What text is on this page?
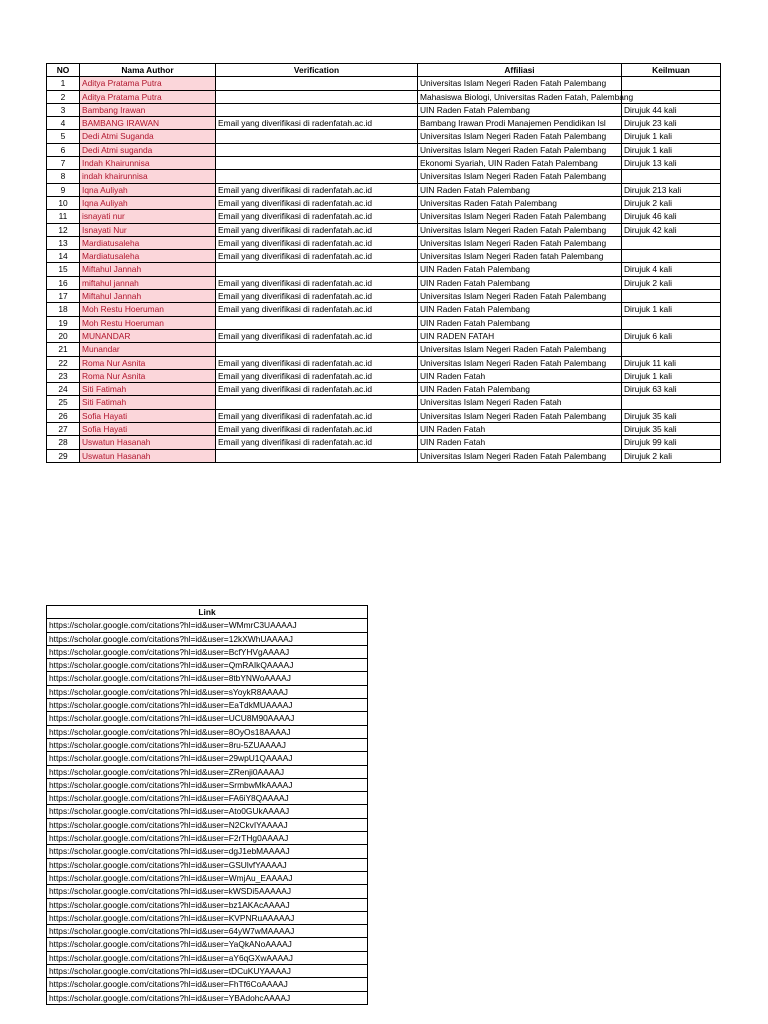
NO	Nama Author	Verification	Affiliasi	Keilmuan
1	Aditya Pratama Putra		Universitas Islam Negeri Raden Fatah Palembang	
2	Aditya Pratama Putra		Mahasiswa Biologi, Universitas Raden Fatah, Palembang	
3	Bambang Irawan		UIN Raden Fatah Palembang	Dirujuk 44 kali
4	BAMBANG IRAWAN	Email yang diverifikasi di radenfatah.ac.id	Bambang Irawan Prodi Manajemen Pendidikan Isl	Dirujuk 23 kali
5	Dedi Atmi Suganda		Universitas Islam Negeri Raden Fatah Palembang	Dirujuk 1 kali
6	Dedi Atmi suganda		Universitas Islam Negeri Raden Fatah Palembang	Dirujuk 1 kali
7	Indah Khairunnisa		Ekonomi Syariah, UIN Raden Fatah Palembang	Dirujuk 13 kali
8	indah khairunnisa		Universitas Islam Negeri Raden Fatah Palembang	
9	Iqna Auliyah	Email yang diverifikasi di radenfatah.ac.id	UIN Raden Fatah Palembang	Dirujuk 213 kali
10	Iqna Auliyah	Email yang diverifikasi di radenfatah.ac.id	Universitas Raden Fatah Palembang	Dirujuk 2 kali
11	isnayati nur	Email yang diverifikasi di radenfatah.ac.id	Universitas Islam Negeri Raden Fatah Palembang	Dirujuk 46 kali
12	Isnayati Nur	Email yang diverifikasi di radenfatah.ac.id	Universitas Islam Negeri Raden Fatah Palembang	Dirujuk 42 kali
13	Mardiatusaleha	Email yang diverifikasi di radenfatah.ac.id	Universitas Islam Negeri Raden Fatah Palembang	
14	Mardiatusaleha	Email yang diverifikasi di radenfatah.ac.id	Universitas Islam Negeri Raden fatah Palembang	
15	Miftahul Jannah		UIN Raden Fatah Palembang	Dirujuk 4 kali
16	miftahul jannah	Email yang diverifikasi di radenfatah.ac.id	UIN Raden Fatah Palembang	Dirujuk 2 kali
17	Miftahul Jannah	Email yang diverifikasi di radenfatah.ac.id	Universitas Islam Negeri Raden Fatah Palembang	
18	Moh Restu Hoeruman	Email yang diverifikasi di radenfatah.ac.id	UIN Raden Fatah Palembang	Dirujuk 1 kali
19	Moh Restu Hoeruman		UIN Raden Fatah Palembang	
20	MUNANDAR	Email yang diverifikasi di radenfatah.ac.id	UIN RADEN FATAH	Dirujuk 6 kali
21	Munandar		Universitas Islam Negeri Raden Fatah Palembang	
22	Roma Nur Asnita	Email yang diverifikasi di radenfatah.ac.id	Universitas Islam Negeri Raden Fatah Palembang	Dirujuk 11 kali
23	Roma Nur Asnita	Email yang diverifikasi di radenfatah.ac.id	UIN Raden Fatah	Dirujuk 1 kali
24	Siti Fatimah	Email yang diverifikasi di radenfatah.ac.id	UIN Raden Fatah Palembang	Dirujuk 63 kali
25	Siti Fatimah		Universitas Islam Negeri Raden Fatah	
26	Sofia Hayati	Email yang diverifikasi di radenfatah.ac.id	Universitas Islam Negeri Raden Fatah Palembang	Dirujuk 35 kali
27	Sofia Hayati	Email yang diverifikasi di radenfatah.ac.id	UIN Raden Fatah	Dirujuk 35 kali
28	Uswatun Hasanah	Email yang diverifikasi di radenfatah.ac.id	UIN Raden Fatah	Dirujuk 99 kali
29	Uswatun Hasanah		Universitas Islam Negeri Raden Fatah Palembang	Dirujuk 2 kali
Link
https://scholar.google.com/citations?hl=id&user=WMmrC3UAAAAJ
https://scholar.google.com/citations?hl=id&user=12kXWhUAAAAJ
https://scholar.google.com/citations?hl=id&user=BcfYHVgAAAAJ
https://scholar.google.com/citations?hl=id&user=QmRAIkQAAAAJ
https://scholar.google.com/citations?hl=id&user=8tbYNWoAAAAJ
https://scholar.google.com/citations?hl=id&user=sYoykR8AAAAJ
https://scholar.google.com/citations?hl=id&user=EaTdkMUAAAAJ
https://scholar.google.com/citations?hl=id&user=UCU8M90AAAAJ
https://scholar.google.com/citations?hl=id&user=8OyOs18AAAAJ
https://scholar.google.com/citations?hl=id&user=8ru-5ZUAAAAJ
https://scholar.google.com/citations?hl=id&user=29wpU1QAAAAJ
https://scholar.google.com/citations?hl=id&user=ZRenji0AAAAJ
https://scholar.google.com/citations?hl=id&user=SrmbwMkAAAAJ
https://scholar.google.com/citations?hl=id&user=FA6iY8QAAAAJ
https://scholar.google.com/citations?hl=id&user=Ato0GUkAAAAJ
https://scholar.google.com/citations?hl=id&user=N2CkvIYAAAAJ
https://scholar.google.com/citations?hl=id&user=F2rTHg0AAAAJ
https://scholar.google.com/citations?hl=id&user=dgJ1ebMAAAAJ
https://scholar.google.com/citations?hl=id&user=GSUlvfYAAAAJ
https://scholar.google.com/citations?hl=id&user=WmjAu_EAAAAJ
https://scholar.google.com/citations?hl=id&user=kWSDi5AAAAAJ
https://scholar.google.com/citations?hl=id&user=bz1AKAcAAAAJ
https://scholar.google.com/citations?hl=id&user=KVPNRuAAAAAJ
https://scholar.google.com/citations?hl=id&user=64yW7wMAAAAJ
https://scholar.google.com/citations?hl=id&user=YaQkANoAAAAJ
https://scholar.google.com/citations?hl=id&user=aY6qGXwAAAAJ
https://scholar.google.com/citations?hl=id&user=tDCuKUYAAAAJ
https://scholar.google.com/citations?hl=id&user=FhTf6CoAAAAJ
https://scholar.google.com/citations?hl=id&user=YBAdohcAAAAJ
